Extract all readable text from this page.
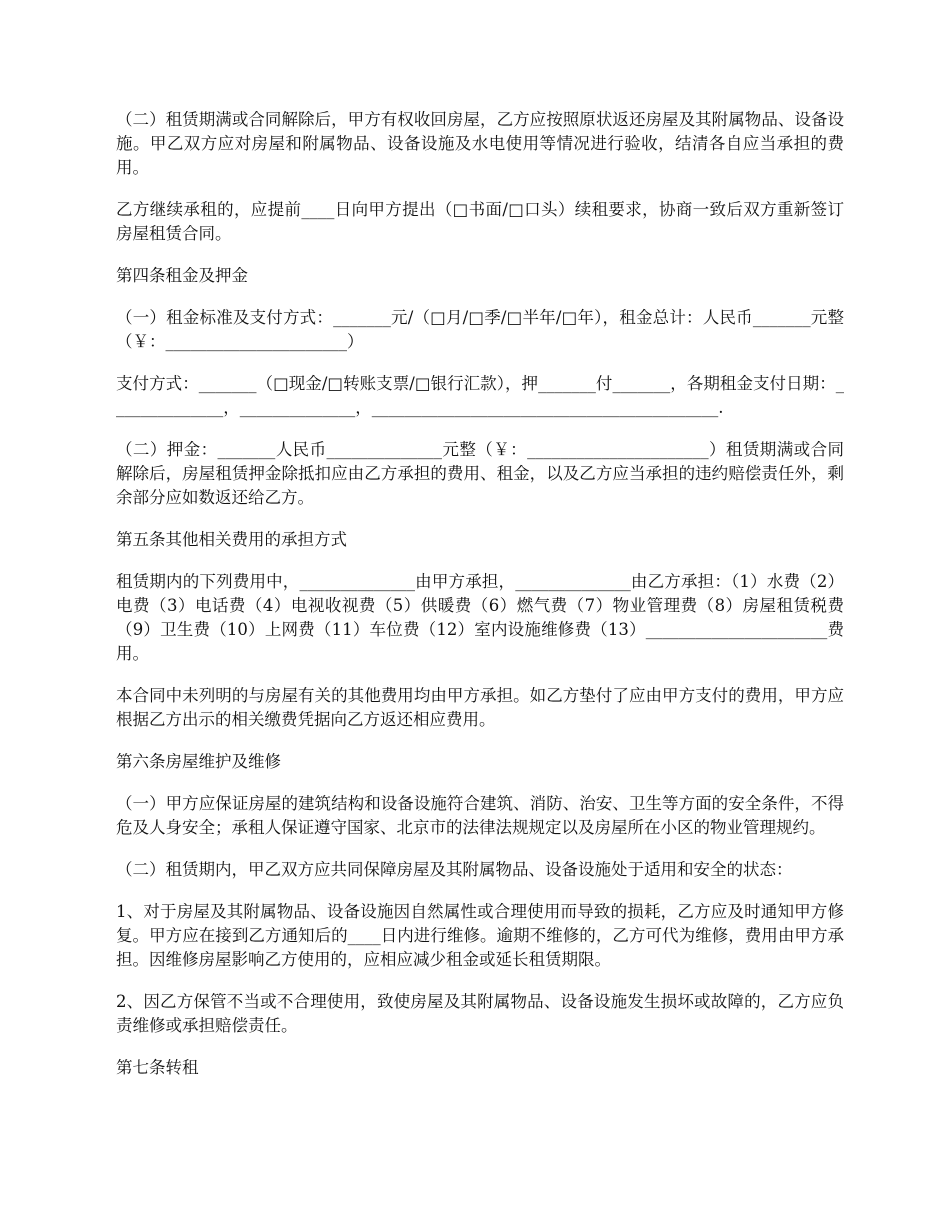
（二）租赁期满或合同解除后，甲方有权收回房屋，乙方应按照原状返还房屋及其附属物品、设备设施。甲乙双方应对房屋和附属物品、设备设施及水电使用等情况进行验收，结清各自应当承担的费用。

乙方继续承租的，应提前____日向甲方提出（□书面/□口头）续租要求，协商一致后双方重新签订房屋租赁合同。

第四条租金及押金

（一）租金标准及支付方式：_______元/（□月/□季/□半年/□年），租金总计：人民币_______元整（￥：______________________）

支付方式：_______（□现金/□转账支票/□银行汇款），押_______付_______，各期租金支付日期：______________，______________，__________________________________________.

（二）押金：_______人民币______________元整（￥：______________________）租赁期满或合同解除后，房屋租赁押金除抵扣应由乙方承担的费用、租金，以及乙方应当承担的违约赔偿责任外，剩余部分应如数返还给乙方。

第五条其他相关费用的承担方式

租赁期内的下列费用中，______________由甲方承担，______________由乙方承担：（1）水费（2）电费（3）电话费（4）电视收视费（5）供暖费（6）燃气费（7）物业管理费（8）房屋租赁税费（9）卫生费（10）上网费（11）车位费（12）室内设施维修费（13）______________________费用。

本合同中未列明的与房屋有关的其他费用均由甲方承担。如乙方垫付了应由甲方支付的费用，甲方应根据乙方出示的相关缴费凭据向乙方返还相应费用。

第六条房屋维护及维修

（一）甲方应保证房屋的建筑结构和设备设施符合建筑、消防、治安、卫生等方面的安全条件，不得危及人身安全；承租人保证遵守国家、北京市的法律法规规定以及房屋所在小区的物业管理规约。

（二）租赁期内，甲乙双方应共同保障房屋及其附属物品、设备设施处于适用和安全的状态：

1、对于房屋及其附属物品、设备设施因自然属性或合理使用而导致的损耗，乙方应及时通知甲方修复。甲方应在接到乙方通知后的____日内进行维修。逾期不维修的，乙方可代为维修，费用由甲方承担。因维修房屋影响乙方使用的，应相应减少租金或延长租赁期限。

2、因乙方保管不当或不合理使用，致使房屋及其附属物品、设备设施发生损坏或故障的，乙方应负责维修或承担赔偿责任。

第七条转租
